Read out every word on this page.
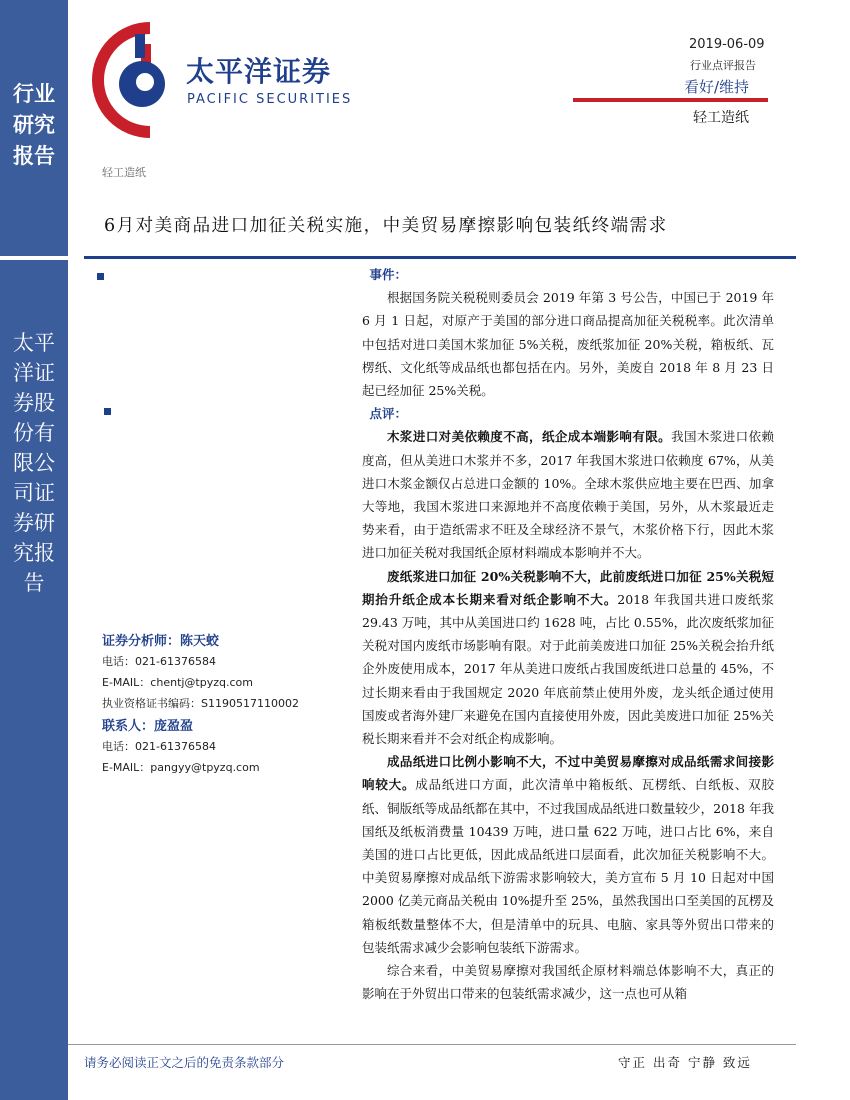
行业研究报告
太平洋证券股份有限公司证券研究报告
太平洋证券
PACIFIC SECURITIES
2019-06-09
行业点评报告
看好/维持
轻工造纸
轻工造纸
6月对美商品进口加征关税实施，中美贸易摩擦影响包装纸终端需求
证券分析师：陈天蛟
电话：021-61376584
E-MAIL：chentj@tpyzq.com
执业资格证书编码：S1190517110002
联系人：庞盈盈
电话：021-61376584
E-MAIL：pangyy@tpyzq.com

事件：

根据国务院关税税则委员会 2019 年第 3 号公告，中国已于 2019 年 6 月 1 日起，对原产于美国的部分进口商品提高加征关税税率。此次清单中包括对进口美国木浆加征 5%关税，废纸浆加征 20%关税，箱板纸、瓦楞纸、文化纸等成品纸也都包括在内。另外，美废自 2018 年 8 月 23 日起已经加征 25%关税。

点评：

木浆进口对美依赖度不高，纸企成本端影响有限。我国木浆进口依赖度高，但从美进口木浆并不多，2017 年我国木浆进口依赖度 67%，从美进口木浆金额仅占总进口金额的 10%。全球木浆供应地主要在巴西、加拿大等地，我国木浆进口来源地并不高度依赖于美国，另外，从木浆最近走势来看，由于造纸需求不旺及全球经济不景气，木浆价格下行，因此木浆进口加征关税对我国纸企原材料端成本影响并不大。

废纸浆进口加征 20%关税影响不大，此前废纸进口加征 25%关税短期抬升纸企成本长期来看对纸企影响不大。2018 年我国共进口废纸浆 29.43 万吨，其中从美国进口约 1628 吨，占比 0.55%，此次废纸浆加征关税对国内废纸市场影响有限。对于此前美废进口加征 25%关税会抬升纸企外废使用成本，2017 年从美进口废纸占我国废纸进口总量的 45%，不过长期来看由于我国规定 2020 年底前禁止使用外废，龙头纸企通过使用国废或者海外建厂来避免在国内直接使用外废，因此美废进口加征 25%关税长期来看并不会对纸企构成影响。

成品纸进口比例小影响不大，不过中美贸易摩擦对成品纸需求间接影响较大。成品纸进口方面，此次清单中箱板纸、瓦楞纸、白纸板、双胶纸、铜版纸等成品纸都在其中，不过我国成品纸进口数量较少，2018 年我国纸及纸板消费量 10439 万吨，进口量 622 万吨，进口占比 6%，来自美国的进口占比更低，因此成品纸进口层面看，此次加征关税影响不大。中美贸易摩擦对成品纸下游需求影响较大，美方宣布 5 月 10 日起对中国 2000 亿美元商品关税由 10%提升至 25%，虽然我国出口至美国的瓦楞及箱板纸数量整体不大，但是清单中的玩具、电脑、家具等外贸出口带来的包装纸需求减少会影响包装纸下游需求。

综合来看，中美贸易摩擦对我国纸企原材料端总体影响不大，真正的影响在于外贸出口带来的包装纸需求减少，这一点也可从箱

请务必阅读正文之后的免责条款部分	守正 出奇 宁静 致远
